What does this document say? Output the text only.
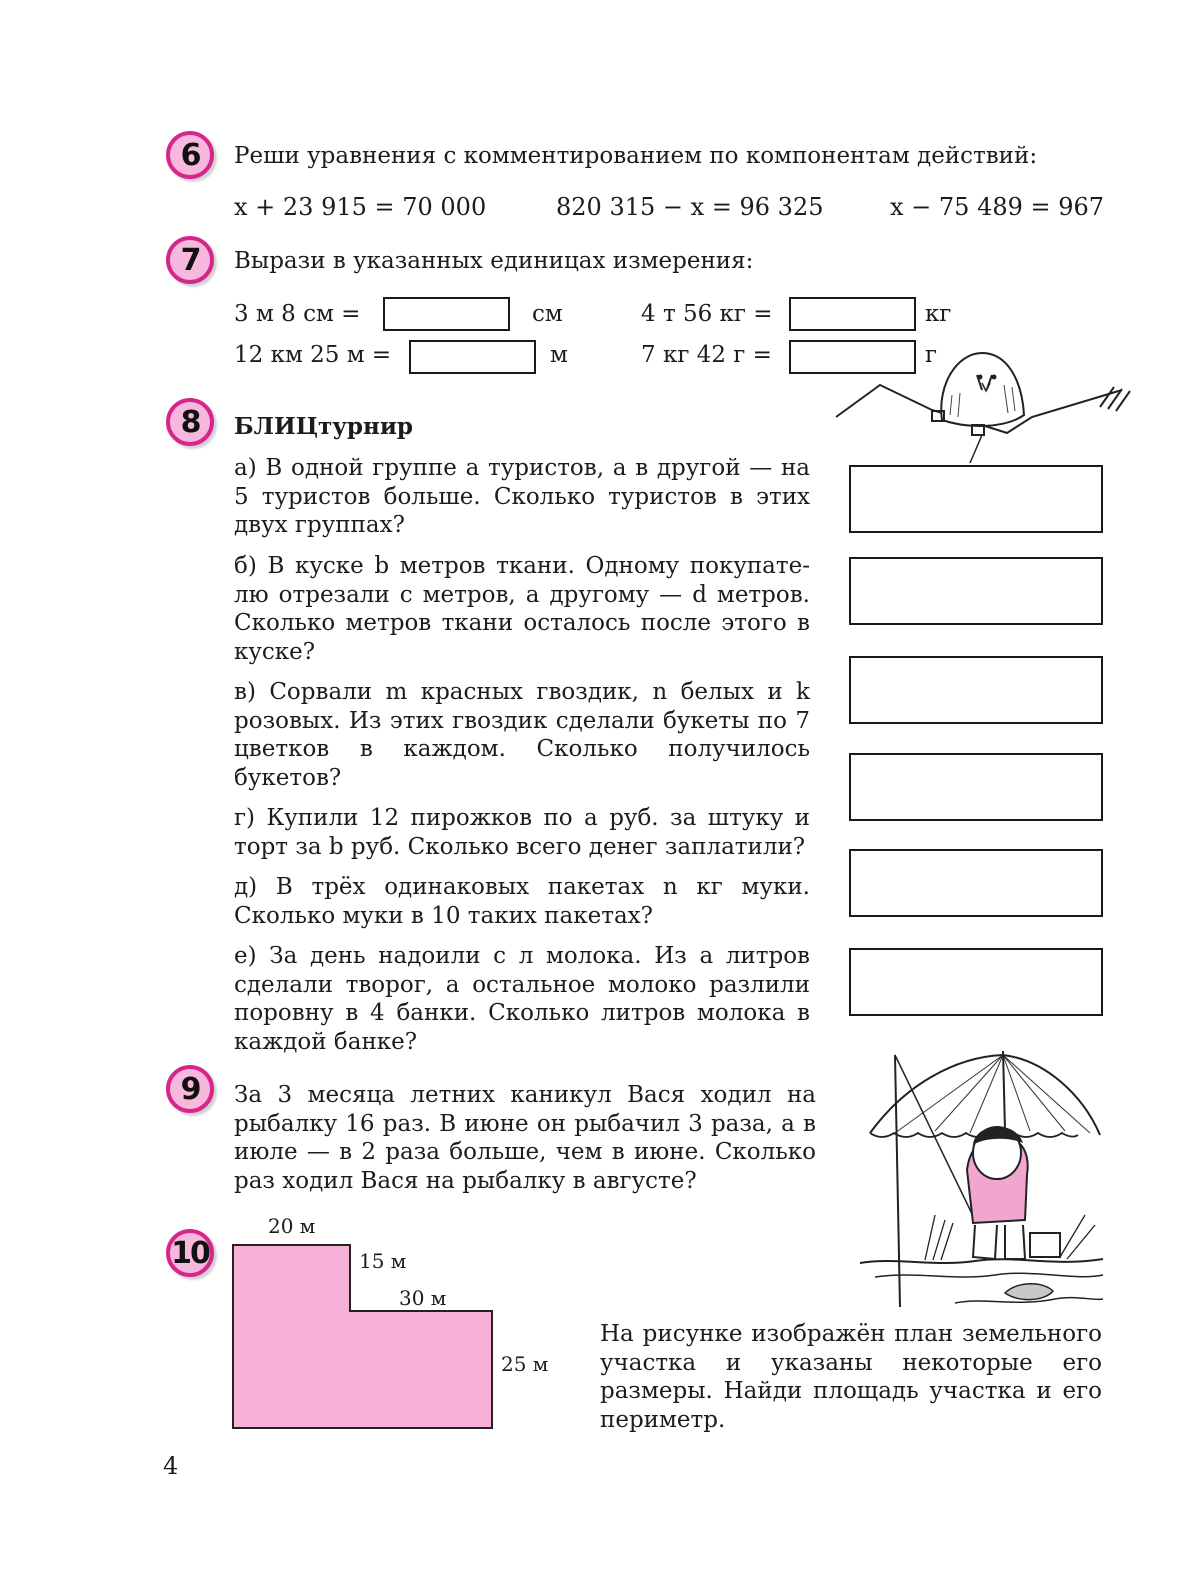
6 Реши уравнения с комментированием по компонентам действий:
x + 23 915 = 70 000	820 315 − x = 96 325	x − 75 489 = 967
7 Вырази в указанных единицах измерения:
3 м 8 см =	см	4 т 56 кг =	кг
12 км 25 м =	м	7 кг 42 г =	г
8 БЛИЦтурнир
а) В одной группе a туристов, а в другой — на 5 туристов больше. Сколько туристов в этих двух группах?
б) В куске b метров ткани. Одному покупате-лю отрезали c метров, а другому — d метров. Сколько метров ткани осталось после этого в куске?
в) Сорвали m красных гвоздик, n белых и k розовых. Из этих гвоздик сделали букеты по 7 цветков в каждом. Сколько получилось букетов?
г) Купили 12 пирожков по a руб. за штуку и торт за b руб. Сколько всего денег заплатили?
д) В трёх одинаковых пакетах n кг муки. Сколько муки в 10 таких пакетах?
е) За день надоили c л молока. Из a литров сделали творог, а остальное молоко разлили поровну в 4 банки. Сколько литров молока в каждой банке?
9 За 3 месяца летних каникул Вася ходил на рыбалку 16 раз. В июне он рыбачил 3 раза, а в июле — в 2 раза больше, чем в июне. Сколько раз ходил Вася на рыбалку в августе?
10
20 м
15 м
30 м
25 м
На рисунке изображён план земельного участка и указаны некоторые его размеры. Найди площадь участка и его периметр.
4
